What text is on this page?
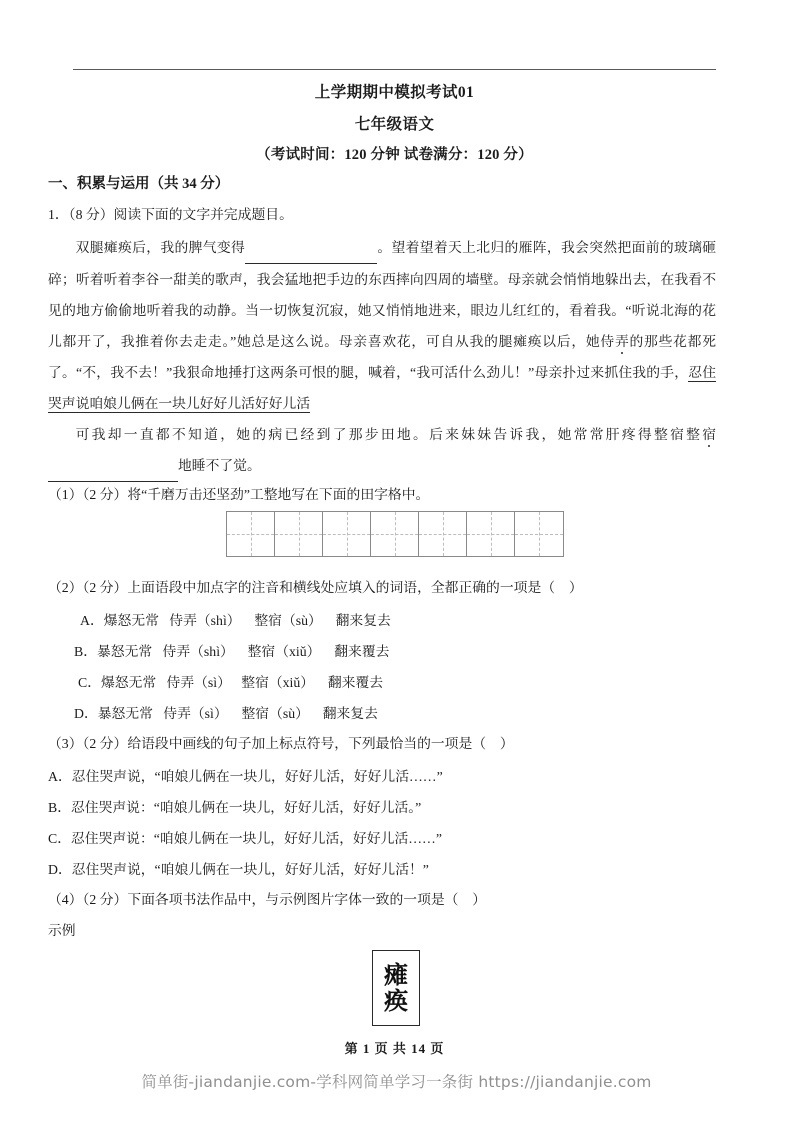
上学期期中模拟考试01
七年级语文
（考试时间：120 分钟 试卷满分：120 分）
一、积累与运用（共 34 分）
1．（8 分）阅读下面的文字并完成题目。

双腿瘫痪后，我的脾气变得	。望着望着天上北归的雁阵，我会突然把面前的玻璃砸碎；听着听着李谷一甜美的歌声，我会猛地把手边的东西摔向四周的墙壁。母亲就会悄悄地躲出去，在我看不见的地方偷偷地听着我的动静。当一切恢复沉寂，她又悄悄地进来，眼边儿红红的，看着我。“听说北海的花儿都开了，我推着你去走走。”她总是这么说。母亲喜欢花，可自从我的腿瘫痪以后，她侍弄的那些花都死了。“不，我不去！”我狠命地捶打这两条可恨的腿，喊着，“我可活什么劲儿！”母亲扑过来抓住我的手，忍住哭声说咱娘儿俩在一块儿好好儿活好好儿活

可我却一直都不知道，她的病已经到了那步田地。后来妹妹告诉我，她常常肝疼得整宿整宿 地睡不了觉。

（1）（2 分）将“千磨万击还坚劲”工整地写在下面的田字格中。
（2）（2 分）上面语段中加点字的注音和横线处应填入的词语，全都正确的一项是（　）
A．爆怒无常   侍弄（shì）    整宿（sù）    翻来复去
B．暴怒无常   侍弄（shì）    整宿（xiǔ）    翻来覆去
C．爆怒无常   侍弄（sì）   整宿（xiǔ）    翻来覆去
D．暴怒无常   侍弄（sì）    整宿（sù）    翻来复去
（3）（2 分）给语段中画线的句子加上标点符号，下列最恰当的一项是（　）
A．忍住哭声说，“咱娘儿俩在一块儿，好好儿活，好好儿活……”
B．忍住哭声说：“咱娘儿俩在一块儿，好好儿活，好好儿活。”
C．忍住哭声说：“咱娘儿俩在一块儿，好好儿活，好好儿活……”
D．忍住哭声说，“咱娘儿俩在一块儿，好好儿活，好好儿活！”
（4）（2 分）下面各项书法作品中，与示例图片字体一致的一项是（　）
示例
瘫
痪
第 1 页 共 14 页
简单街-jiandanjie.com-学科网简单学习一条街 https://jiandanjie.com
